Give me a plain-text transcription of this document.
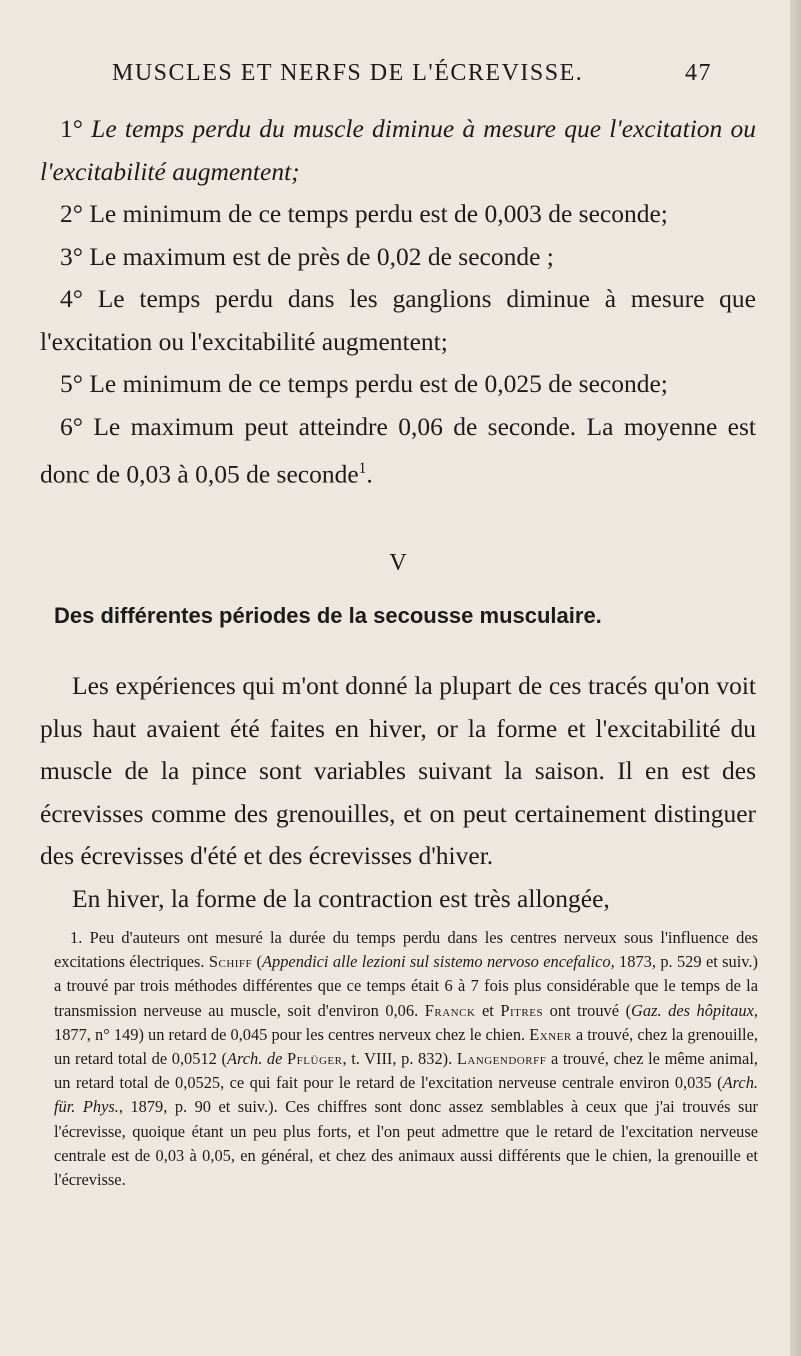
MUSCLES ET NERFS DE L'ÉCREVISSE.	47

1° Le temps perdu du muscle diminue à mesure que l'excitation ou l'excitabilité augmentent;

2° Le minimum de ce temps perdu est de 0,003 de seconde;

3° Le maximum est de près de 0,02 de seconde ;

4° Le temps perdu dans les ganglions diminue à mesure que l'excitation ou l'excitabilité augmentent;

5° Le minimum de ce temps perdu est de 0,025 de seconde;

6° Le maximum peut atteindre 0,06 de seconde. La moyenne est donc de 0,03 à 0,05 de seconde$^1$.

V
Des différentes périodes de la secousse musculaire.

Les expériences qui m'ont donné la plupart de ces tracés qu'on voit plus haut avaient été faites en hiver, or la forme et l'excitabilité du muscle de la pince sont variables suivant la saison. Il en est des écrevisses comme des grenouilles, et on peut certainement distinguer des écrevisses d'été et des écrevisses d'hiver.

En hiver, la forme de la contraction est très allongée,

1. Peu d'auteurs ont mesuré la durée du temps perdu dans les centres nerveux sous l'influence des excitations électriques. Schiff (Appendici alle lezioni sul sistemo nervoso encefalico, 1873, p. 529 et suiv.) a trouvé par trois méthodes différentes que ce temps était 6 à 7 fois plus considérable que le temps de la transmission nerveuse au muscle, soit d'environ 0,06. Franck et Pitres ont trouvé (Gaz. des hôpitaux, 1877, n° 149) un retard de 0,045 pour les centres nerveux chez le chien. Exner a trouvé, chez la grenouille, un retard total de 0,0512 (Arch. de Pflüger, t. VIII, p. 832). Langendorff a trouvé, chez le même animal, un retard total de 0,0525, ce qui fait pour le retard de l'excitation nerveuse centrale environ 0,035 (Arch. für. Phys., 1879, p. 90 et suiv.). Ces chiffres sont donc assez semblables à ceux que j'ai trouvés sur l'écrevisse, quoique étant un peu plus forts, et l'on peut admettre que le retard de l'excitation nerveuse centrale est de 0,03 à 0,05, en général, et chez des animaux aussi différents que le chien, la grenouille et l'écrevisse.
